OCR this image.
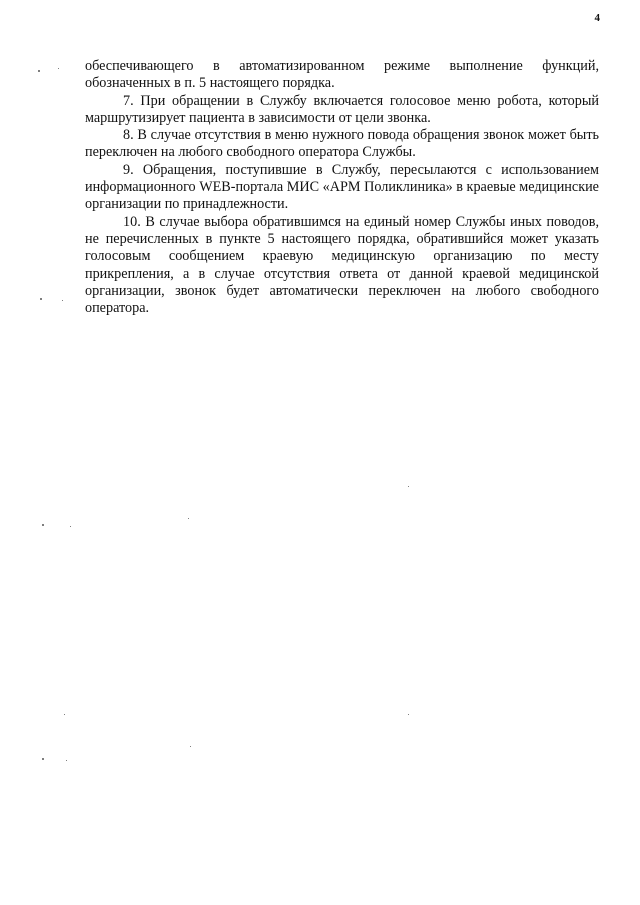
4

обеспечивающего в автоматизированном режиме выполнение функций, обозначенных в п. 5 настоящего порядка.

7. При обращении в Службу включается голосовое меню робота, который маршрутизирует пациента в зависимости от цели звонка.

8. В случае отсутствия в меню нужного повода обращения звонок может быть переключен на любого свободного оператора Службы.

9. Обращения, поступившие в Службу, пересылаются с использованием информационного WEB-портала МИС «АРМ Поликлиника» в краевые медицинские организации по принадлежности.

10. В случае выбора обратившимся на единый номер Службы иных поводов, не перечисленных в пункте 5 настоящего порядка, обратившийся может указать голосовым сообщением краевую медицинскую организацию по месту прикрепления, а в случае отсутствия ответа от данной краевой медицинской организации, звонок будет автоматически переключен на любого свободного оператора.
